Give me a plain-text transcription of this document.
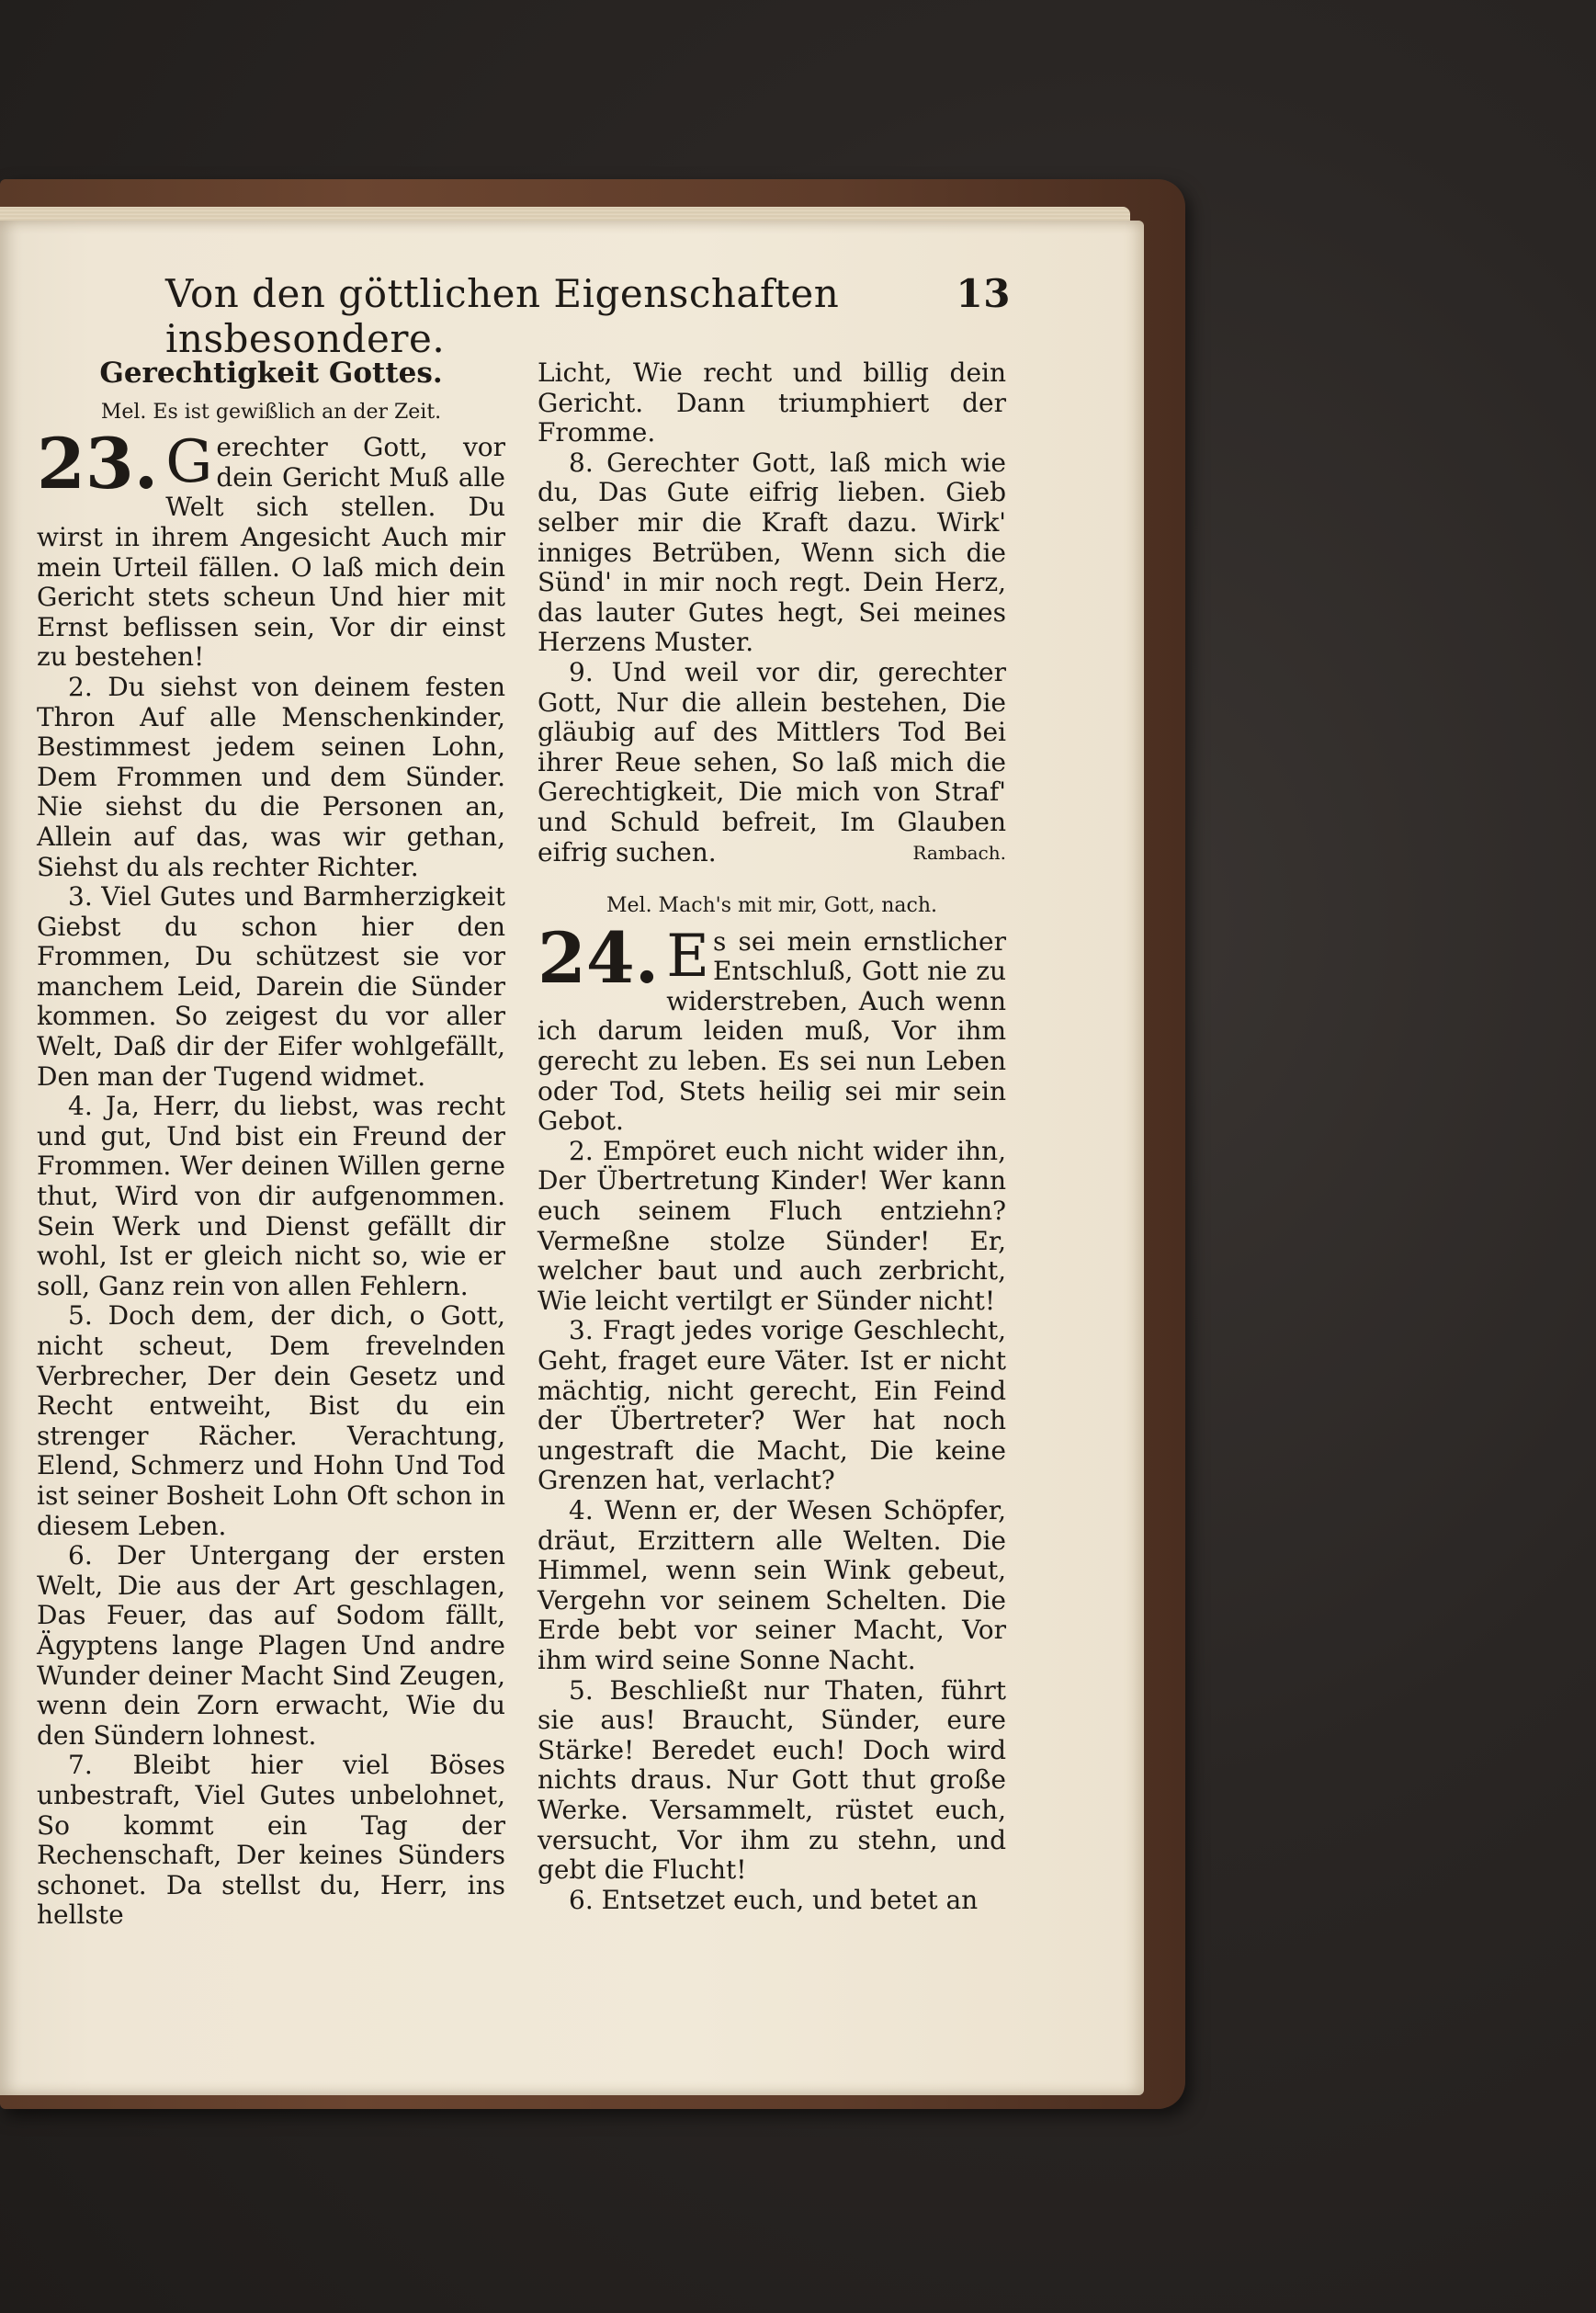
Von den göttlichen Eigenschaften insbesondere.
13
Gerechtigkeit Gottes.
Mel. Es ist gewißlich an der Zeit.
23. G erechter Gott, vor dein Gericht Muß alle Welt sich stellen. Du wirst in ihrem Angesicht Auch mir mein Urteil fällen. O laß mich dein Gericht stets scheun Und hier mit Ernst beflissen sein, Vor dir einst zu bestehen!
2. Du siehst von deinem festen Thron Auf alle Menschenkinder, Bestimmest jedem seinen Lohn, Dem Frommen und dem Sünder. Nie siehst du die Personen an, Allein auf das, was wir gethan, Siehst du als rechter Richter.
3. Viel Gutes und Barmherzigkeit Giebst du schon hier den Frommen, Du schützest sie vor manchem Leid, Darein die Sünder kommen. So zeigest du vor aller Welt, Daß dir der Eifer wohlgefällt, Den man der Tugend widmet.
4. Ja, Herr, du liebst, was recht und gut, Und bist ein Freund der Frommen. Wer deinen Willen gerne thut, Wird von dir aufgenommen. Sein Werk und Dienst gefällt dir wohl, Ist er gleich nicht so, wie er soll, Ganz rein von allen Fehlern.
5. Doch dem, der dich, o Gott, nicht scheut, Dem frevelnden Verbrecher, Der dein Gesetz und Recht entweiht, Bist du ein strenger Rächer. Verachtung, Elend, Schmerz und Hohn Und Tod ist seiner Bosheit Lohn Oft schon in diesem Leben.
6. Der Untergang der ersten Welt, Die aus der Art geschlagen, Das Feuer, das auf Sodom fällt, Ägyptens lange Plagen Und andre Wunder deiner Macht Sind Zeugen, wenn dein Zorn erwacht, Wie du den Sündern lohnest.
7. Bleibt hier viel Böses unbestraft, Viel Gutes unbelohnet, So kommt ein Tag der Rechenschaft, Der keines Sünders schonet. Da stellst du, Herr, ins hellste
Licht, Wie recht und billig dein Gericht. Dann triumphiert der Fromme.
8. Gerechter Gott, laß mich wie du, Das Gute eifrig lieben. Gieb selber mir die Kraft dazu. Wirk' inniges Betrüben, Wenn sich die Sünd' in mir noch regt. Dein Herz, das lauter Gutes hegt, Sei meines Herzens Muster.
9. Und weil vor dir, gerechter Gott, Nur die allein bestehen, Die gläubig auf des Mittlers Tod Bei ihrer Reue sehen, So laß mich die Gerechtigkeit, Die mich von Straf' und Schuld befreit, Im Glauben eifrig suchen.	Rambach.
Mel. Mach's mit mir, Gott, nach.
24. E s sei mein ernstlicher Entschluß, Gott nie zu widerstreben, Auch wenn ich darum leiden muß, Vor ihm gerecht zu leben. Es sei nun Leben oder Tod, Stets heilig sei mir sein Gebot.
2. Empöret euch nicht wider ihn, Der Übertretung Kinder! Wer kann euch seinem Fluch entziehn? Vermeßne stolze Sünder! Er, welcher baut und auch zerbricht, Wie leicht vertilgt er Sünder nicht!
3. Fragt jedes vorige Geschlecht, Geht, fraget eure Väter. Ist er nicht mächtig, nicht gerecht, Ein Feind der Übertreter? Wer hat noch ungestraft die Macht, Die keine Grenzen hat, verlacht?
4. Wenn er, der Wesen Schöpfer, dräut, Erzittern alle Welten. Die Himmel, wenn sein Wink gebeut, Vergehn vor seinem Schelten. Die Erde bebt vor seiner Macht, Vor ihm wird seine Sonne Nacht.
5. Beschließt nur Thaten, führt sie aus! Braucht, Sünder, eure Stärke! Beredet euch! Doch wird nichts draus. Nur Gott thut große Werke. Versammelt, rüstet euch, versucht, Vor ihm zu stehn, und gebt die Flucht!
6. Entsetzet euch, und betet an
